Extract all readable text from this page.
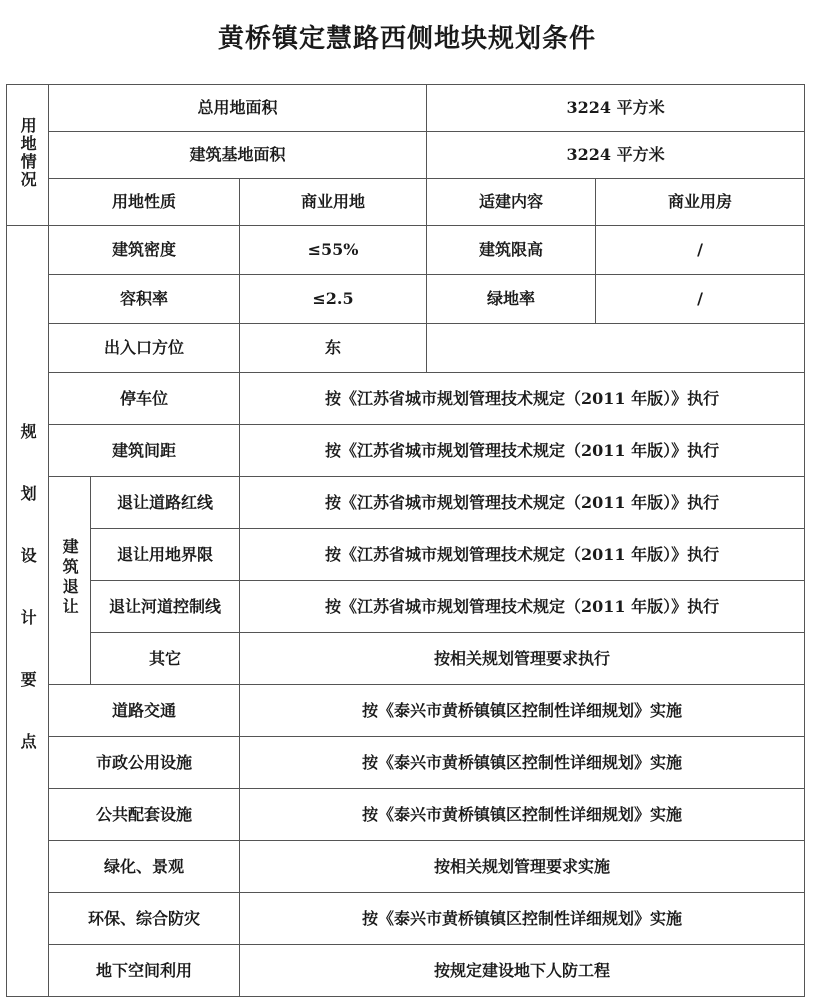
黄桥镇定慧路西侧地块规划条件
用地情况	总用地面积			3224 平方米	
	建筑基地面积			3224 平方米	
	用地性质		商业用地	适建内容	商业用房
规划设计要点	建筑密度		≤55%	建筑限高	/
	容积率		≤2.5	绿地率	/
	出入口方位		东		
	停车位		按《江苏省城市规划管理技术规定（2011 年版）》执行		
	建筑间距		按《江苏省城市规划管理技术规定（2011 年版）》执行		
	建筑退让	退让道路红线	按《江苏省城市规划管理技术规定（2011 年版）》执行		
		退让用地界限	按《江苏省城市规划管理技术规定（2011 年版）》执行		
		退让河道控制线	按《江苏省城市规划管理技术规定（2011 年版）》执行		
		其它	按相关规划管理要求执行		
	道路交通		按《泰兴市黄桥镇镇区控制性详细规划》实施		
	市政公用设施		按《泰兴市黄桥镇镇区控制性详细规划》实施		
	公共配套设施		按《泰兴市黄桥镇镇区控制性详细规划》实施		
	绿化、景观		按相关规划管理要求实施		
	环保、综合防灾		按《泰兴市黄桥镇镇区控制性详细规划》实施		
	地下空间利用		按规定建设地下人防工程		
